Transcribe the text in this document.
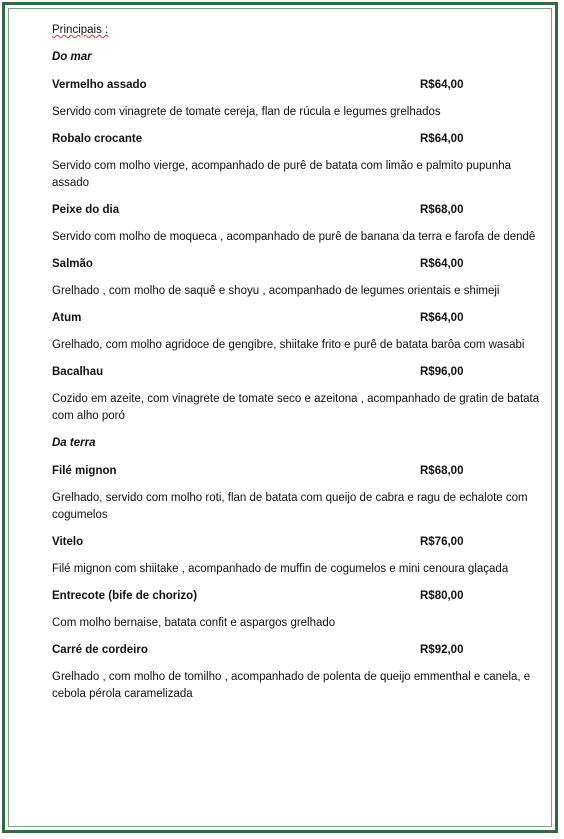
Principais :
Do mar
Vermelho assado	R$64,00
Servido com vinagrete de tomate cereja, flan de rúcula e legumes grelhados
Robalo crocante	R$64,00
Servido com molho vierge, acompanhado de purê de batata com limão e palmito pupunha assado
Peixe do dia	R$68,00
Servido com molho de moqueca , acompanhado de purê de banana da terra e farofa de dendê
Salmão	R$64,00
Grelhado , com molho de saquê e shoyu , acompanhado de legumes orientais e shimeji
Atum	R$64,00
Grelhado, com molho agridoce de gengibre, shiitake frito e purê de batata barôa com wasabi
Bacalhau	R$96,00
Cozido em azeite, com vinagrete de tomate seco e azeitona , acompanhado de gratin de batata com alho poró
Da terra
Filé mignon	R$68,00
Grelhado, servido com molho roti, flan de batata com queijo de cabra e ragu de echalote com cogumelos
Vitelo	R$76,00
Filé mignon com shiitake , acompanhado de muffin de cogumelos e mini cenoura glaçada
Entrecote (bife de chorizo)	R$80,00
Com molho bernaise, batata confit e aspargos grelhado
Carré de cordeiro	R$92,00
Grelhado , com molho de tomilho , acompanhado de polenta de queijo emmenthal e canela, e cebola pérola caramelizada
